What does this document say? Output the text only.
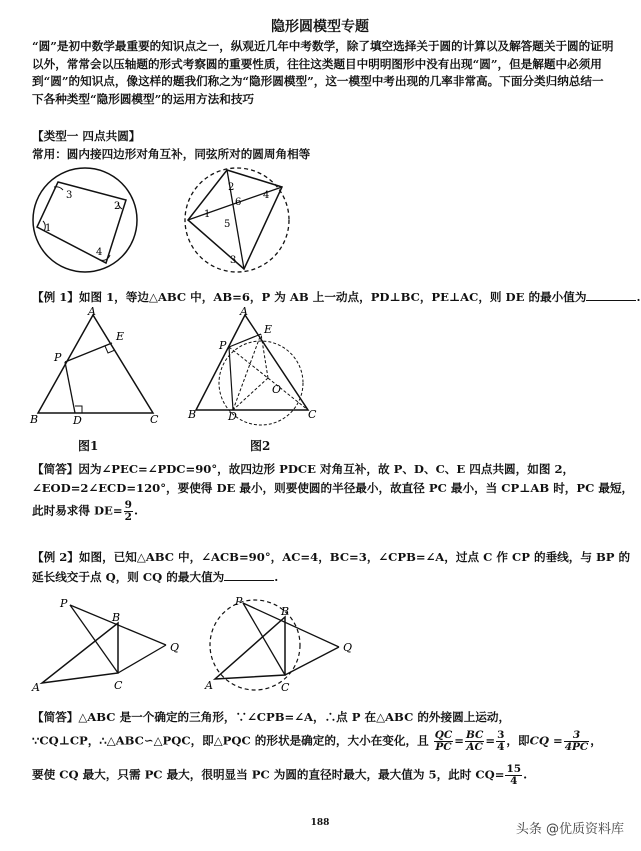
隐形圆模型专题
“圆”是初中数学最重要的知识点之一，纵观近几年中考数学，除了填空选择关于圆的计算以及解答题关于圆的证明以外，常常会以压轴题的形式考察圆的重要性质，往往这类题目中明明图形中没有出现“圆”，但是解题中必须用到“圆”的知识点，像这样的题我们称之为“隐形圆模型”，这一模型中考出现的几率非常高。下面分类归纳总结一下各种类型“隐形圆模型”的运用方法和技巧
【类型一 四点共圆】
常用：圆内接四边形对角互补，同弦所对的圆周角相等
3
2
4
1
2
4
6
1
5
3
【例 1】如图 1，等边△ABC 中，AB=6，P 为 AB 上一动点，PD⊥BC，PE⊥AC，则 DE 的最小值为	.
A
E
P
B	D	C
A
E
P
O
B	D	C
图1	图2
【简答】因为∠PEC=∠PDC=90°，故四边形 PDCE 对角互补，故 P、D、C、E 四点共圆，如图 2，
∠EOD=2∠ECD=120°，要使得 DE 最小，则要使圆的半径最小，故直径 PC 最小，当 CP⊥AB 时，PC 最短，
此时易求得 $DE= \frac{9}{2}$ .
【例 2】如图，已知△ABC 中，∠ACB=90°，AC=4，BC=3，∠CPB=∠A，过点 C 作 CP 的垂线，与 BP 的
延长线交于点 Q，则 CQ 的最大值为	.
P
B
Q
A	C
P
B
Q
A	C
【简答】△ABC 是一个确定的三角形，∵∠CPB=∠A，∴点 P 在△ABC 的外接圆上运动，
∵CQ⊥CP，∴△ABC∽△PQC，即△PQC 的形状是确定的，大小在变化，且 $\frac{QC}{PC} = \frac{BC}{AC} = \frac{3}{4}$ ，即CQ = $\frac{3}{4PC}$ ，
要使 CQ 最大，只需 PC 最大，很明显当 PC 为圆的直径时最大，最大值为 5，此时 $CQ= \frac{15}{4}$ .
188	头条 @优质资料库
